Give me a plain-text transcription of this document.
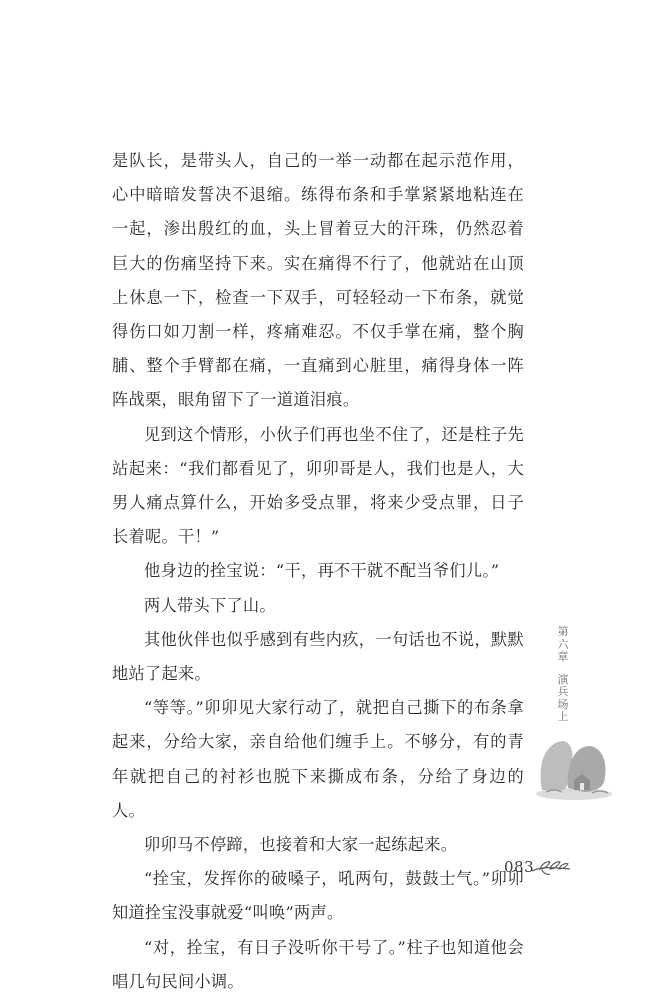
是队长，是带头人，自己的一举一动都在起示范作用，心中暗暗发誓决不退缩。练得布条和手掌紧紧地粘连在一起，渗出殷红的血，头上冒着豆大的汗珠，仍然忍着巨大的伤痛坚持下来。实在痛得不行了，他就站在山顶上休息一下，检查一下双手，可轻轻动一下布条，就觉得伤口如刀割一样，疼痛难忍。不仅手掌在痛，整个胸脯、整个手臂都在痛，一直痛到心脏里，痛得身体一阵阵战栗，眼角留下了一道道泪痕。

见到这个情形，小伙子们再也坐不住了，还是柱子先站起来：“我们都看见了，卯卯哥是人，我们也是人，大男人痛点算什么，开始多受点罪，将来少受点罪，日子长着呢。干！”

他身边的拴宝说：“干，再不干就不配当爷们儿。”

两人带头下了山。

其他伙伴也似乎感到有些内疚，一句话也不说，默默地站了起来。

“等等。”卯卯见大家行动了，就把自己撕下的布条拿起来，分给大家，亲自给他们缠手上。不够分，有的青年就把自己的衬衫也脱下来撕成布条，分给了身边的人。

卯卯马不停蹄，也接着和大家一起练起来。

“拴宝，发挥你的破嗓子，吼两句，鼓鼓士气。”卯卯知道拴宝没事就爱“叫唤”两声。

“对，拴宝，有日子没听你干号了。”柱子也知道他会唱几句民间小调。

第六章
演兵场上
083
